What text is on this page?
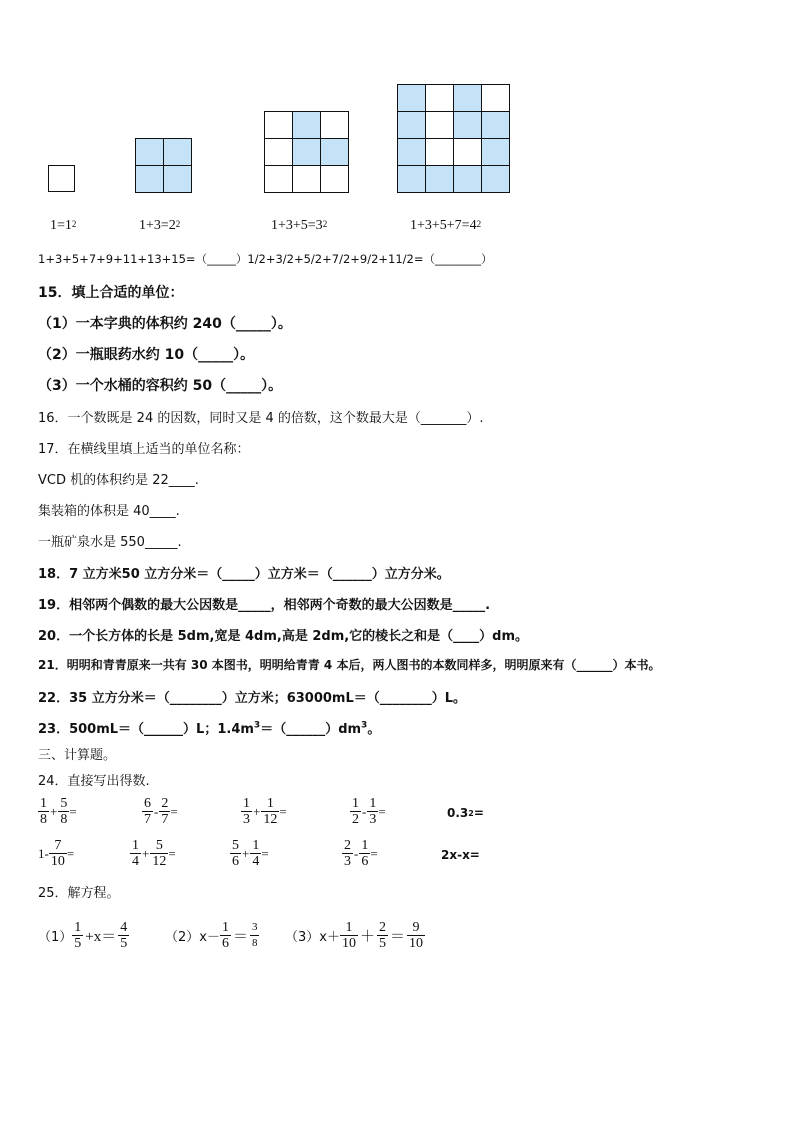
$1=1^2$	$1+3=2^2$	$1+3+5=3^2$	$1+3+5+7=4^2$
1+3+5+7+9+11+13+15=（_____）1/2+3/2+5/2+7/2+9/2+11/2=（________）
15．填上合适的单位：
（1）一本字典的体积约 240（_____）。
（2）一瓶眼药水约 10（_____）。
（3）一个水桶的容积约 50（_____）。
16．一个数既是 24 的因数，同时又是 4 的倍数，这个数最大是（_______）.
17．在横线里填上适当的单位名称：
VCD 机的体积约是 22____.
集装箱的体积是 40____.
一瓶矿泉水是 550_____.
18．7 立方米50 立方分米＝（_____）立方米＝（______）立方分米。
19．相邻两个偶数的最大公因数是_____，相邻两个奇数的最大公因数是_____.
20．一个长方体的长是 5dm,宽是 4dm,高是 2dm,它的棱长之和是（____）dm。
21．明明和青青原来一共有 30 本图书，明明给青青 4 本后，两人图书的本数同样多，明明原来有（______）本书。
22．35 立方分米＝（________）立方米；63000mL＝（________）L。
23．500mL＝（______）L；$1.4m^3=(\_\_\_\_\_\_)dm^3$。
三、计算题。
24．直接写出得数.
$\frac{1}{8} + \frac{5}{8}$ =	$\frac{6}{7} - \frac{2}{7}$ =	$\frac{1}{3} + \frac{1}{12}$ =	$\frac{1}{2} - \frac{1}{3}$ =	0.3 2 =
$1- \frac{7}{10}$ =	$\frac{1}{4} + \frac{5}{12}$ =	$\frac{5}{6} + \frac{1}{4}$ =	$\frac{2}{3} - \frac{1}{6}$ =	2x-x=
25．解方程。
$(1) \frac{1}{5} +x= \frac{4}{5}$	$(2)x- \frac{1}{6} = \frac{3}{8} (3)x+ \frac{1}{10} + \frac{2}{5} = \frac{9}{10}$
